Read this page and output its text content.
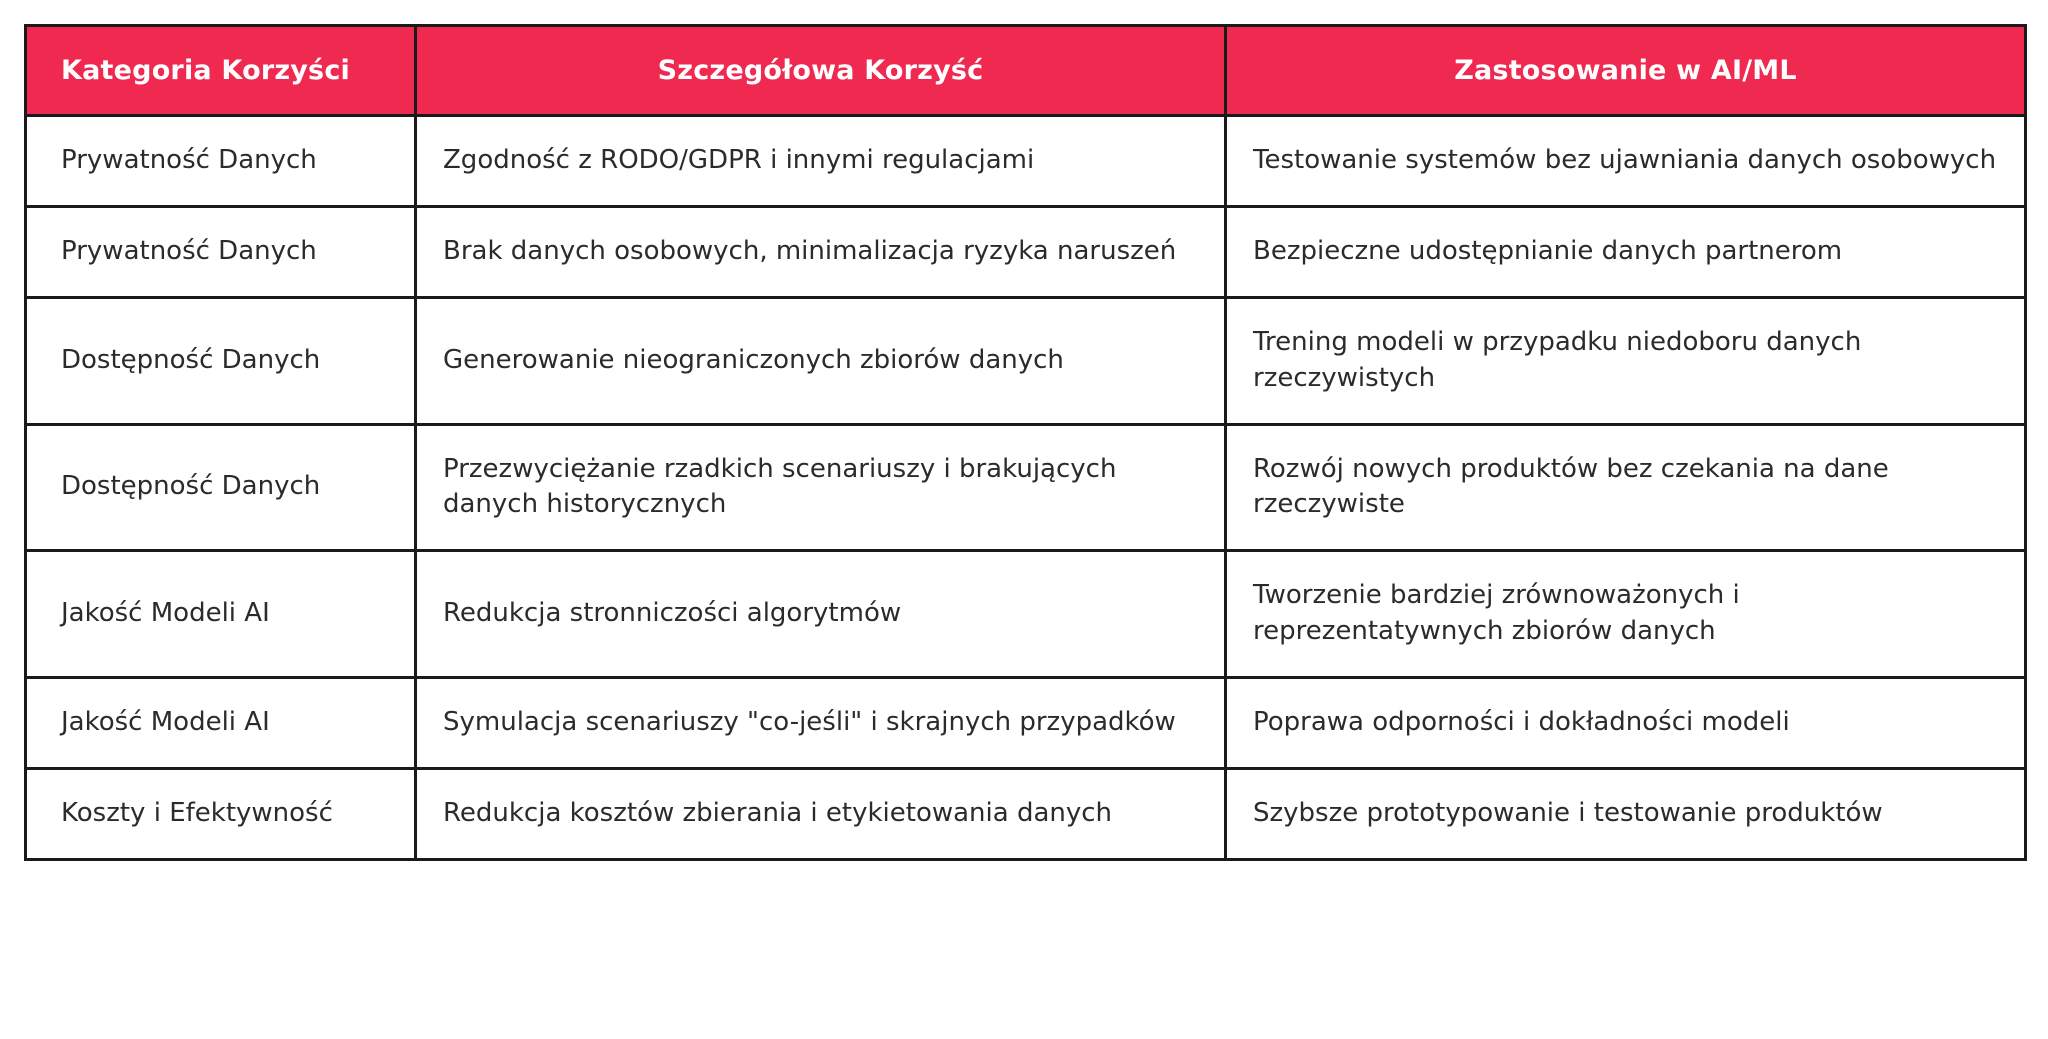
Kategoria Korzyści	Szczegółowa Korzyść	Zastosowanie w AI/ML
Prywatność Danych	Zgodność z RODO/GDPR i innymi regulacjami	Testowanie systemów bez ujawniania danych osobowych
Prywatność Danych	Brak danych osobowych, minimalizacja ryzyka naruszeń	Bezpieczne udostępnianie danych partnerom
Dostępność Danych	Generowanie nieograniczonych zbiorów danych	Trening modeli w przypadku niedoboru danych rzeczywistych
Dostępność Danych	Przezwyciężanie rzadkich scenariuszy i brakujących danych historycznych	Rozwój nowych produktów bez czekania na dane rzeczywiste
Jakość Modeli AI	Redukcja stronniczości algorytmów	Tworzenie bardziej zrównoważonych i reprezentatywnych zbiorów danych
Jakość Modeli AI	Symulacja scenariuszy "co-jeśli" i skrajnych przypadków	Poprawa odporności i dokładności modeli
Koszty i Efektywność	Redukcja kosztów zbierania i etykietowania danych	Szybsze prototypowanie i testowanie produktów
